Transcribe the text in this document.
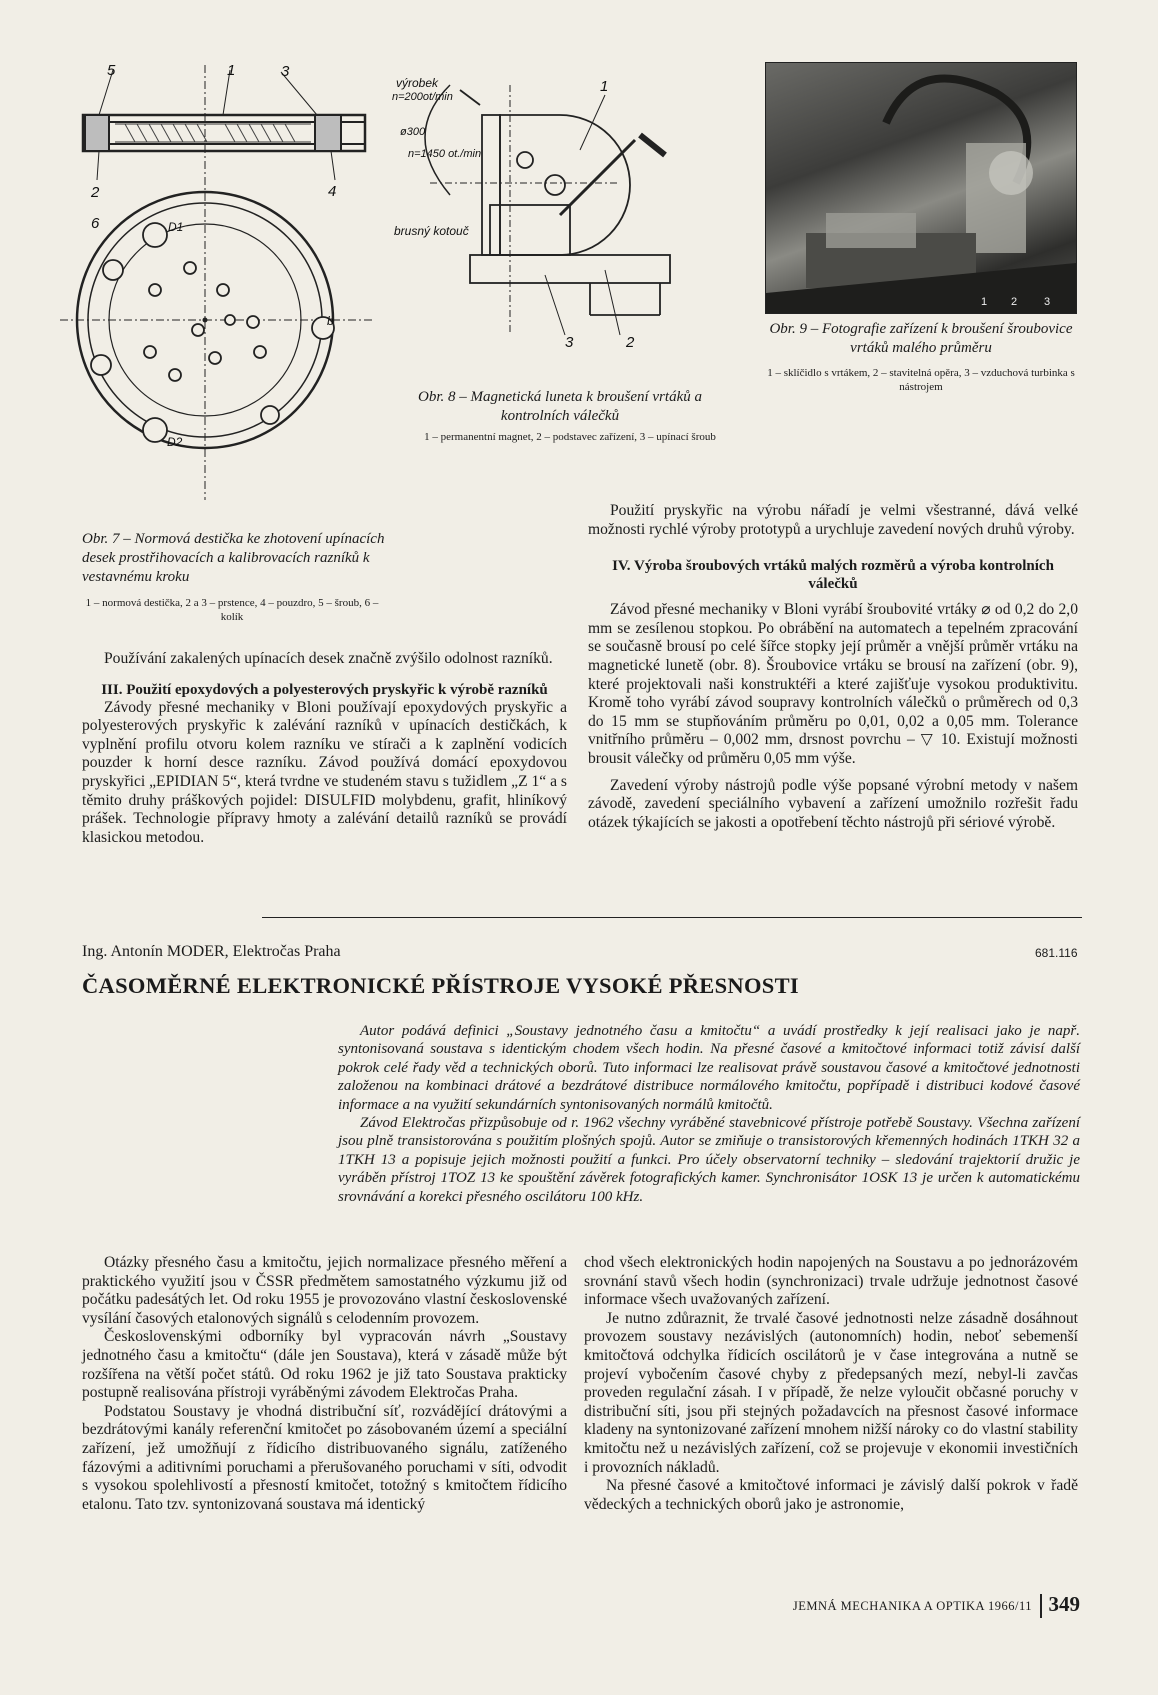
5	1	3
2	4
6	D1
D2
b
Obr. 7 – Normová destička ke zhotovení upínacích desek prostřihovacích a kalibrovacích razníků k vestavnému kroku
1 – normová destička, 2 a 3 – prstence, 4 – pouzdro, 5 – šroub, 6 – kolík
výrobek
n=200ot/min
ø300
n=1450 ot./min
brusný kotouč
1
2
3
Obr. 8 – Magnetická luneta k broušení vrtáků a kontrolních válečků
1 – permanentní magnet, 2 – podstavec zařízení, 3 – upínací šroub
1 2 3
Obr. 9 – Fotografie zařízení k broušení šroubovice vrtáků malého průměru
1 – sklíčidlo s vrtákem, 2 – stavitelná opěra, 3 – vzduchová turbinka s nástrojem

Používání zakalených upínacích desek značně zvýšilo odolnost razníků.

III. Použití epoxydových a polyesterových pryskyřic k výrobě razníků

Závody přesné mechaniky v Bloni používají epoxydových pryskyřic a polyesterových pryskyřic k zalévání razníků v upínacích destičkách, k vyplnění profilu otvoru kolem razníku ve stírači a k zaplnění vodicích pouzder k horní desce razníku. Závod používá domácí epoxydovou pryskyřici „EPIDIAN 5“, která tvrdne ve studeném stavu s tužidlem „Z 1“ a s těmito druhy práškových pojidel: DISULFID molybdenu, grafit, hliníkový prášek. Technologie přípravy hmoty a zalévání detailů razníků se provádí klasickou metodou.

Použití pryskyřic na výrobu nářadí je velmi všestranné, dává velké možnosti rychlé výroby prototypů a urychluje zavedení nových druhů výroby.

IV. Výroba šroubových vrtáků malých rozměrů a výroba kontrolních válečků

Závod přesné mechaniky v Bloni vyrábí šroubovité vrtáky ⌀ od 0,2 do 2,0 mm se zesílenou stopkou. Po obrábění na automatech a tepelném zpracování se současně brousí po celé šířce stopky její průměr a vnější průměr vrtáku na magnetické lunetě (obr. 8). Šroubovice vrtáku se brousí na zařízení (obr. 9), které projektovali naši konstruktéři a které zajišťuje vysokou produktivitu. Kromě toho vyrábí závod soupravy kontrolních válečků o průměrech od 0,3 do 15 mm se stupňováním průměru po 0,01, 0,02 a 0,05 mm. Tolerance vnitřního průměru – 0,002 mm, drsnost povrchu – ▽ 10. Existují možnosti brousit válečky od průměru 0,05 mm výše.

Zavedení výroby nástrojů podle výše popsané výrobní metody v našem závodě, zavedení speciálního vybavení a zařízení umožnilo rozřešit řadu otázek týkajících se jakosti a opotřebení těchto nástrojů při sériové výrobě.

Ing. Antonín MODER, Elektročas Praha	681.116
ČASOMĚRNÉ ELEKTRONICKÉ PŘÍSTROJE VYSOKÉ PŘESNOSTI

Autor podává definici „Soustavy jednotného času a kmitočtu“ a uvádí prostředky k její realisaci jako je např. syntonisovaná soustava s identickým chodem všech hodin. Na přesné časové a kmitočtové informaci totiž závisí další pokrok celé řady věd a technických oborů. Tuto informaci lze realisovat právě soustavou časové a kmitočtové jednotnosti založenou na kombinaci drátové a bezdrátové distribuce normálového kmitočtu, popřípadě i distribuci kodové časové informace a na využití sekundárních syntonisovaných normálů kmitočtů.

Závod Elektročas přizpůsobuje od r. 1962 všechny vyráběné stavebnicové přístroje potřebě Soustavy. Všechna zařízení jsou plně transistorována s použitím plošných spojů. Autor se zmiňuje o transistorových křemenných hodinách 1TKH 32 a 1TKH 13 a popisuje jejich možnosti použití a funkci. Pro účely observatorní techniky – sledování trajektorií družic je vyráběn přístroj 1TOZ 13 ke spouštění závěrek fotografických kamer. Synchronisátor 1OSK 13 je určen k automatickému srovnávání a korekci přesného oscilátoru 100 kHz.

Otázky přesného času a kmitočtu, jejich normalizace přesného měření a praktického využití jsou v ČSSR předmětem samostatného výzkumu již od počátku padesátých let. Od roku 1955 je provozováno vlastní československé vysílání časových etalonových signálů s celodenním provozem.

Československými odborníky byl vypracován návrh „Soustavy jednotného času a kmitočtu“ (dále jen Soustava), která v zásadě může být rozšířena na větší počet států. Od roku 1962 je již tato Soustava prakticky postupně realisována přístroji vyráběnými závodem Elektročas Praha.

Podstatou Soustavy je vhodná distribuční síť, rozvádějící drátovými a bezdrátovými kanály referenční kmitočet po zásobovaném území a speciální zařízení, jež umožňují z řídicího distribuovaného signálu, zatíženého fázovými a aditivními poruchami a přerušovaného poruchami v síti, odvodit s vysokou spolehlivostí a přesností kmitočet, totožný s kmitočtem řídicího etalonu. Tato tzv. syntonizovaná soustava má identický

chod všech elektronických hodin napojených na Soustavu a po jednorázovém srovnání stavů všech hodin (synchronizaci) trvale udržuje jednotnost časové informace všech uvažovaných zařízení.

Je nutno zdůraznit, že trvalé časové jednotnosti nelze zásadně dosáhnout provozem soustavy nezávislých (autonomních) hodin, neboť sebemenší kmitočtová odchylka řídicích oscilátorů je v čase integrována a nutně se projeví vybočením časové chyby z předepsaných mezí, nebyl-li zavčas proveden regulační zásah. I v případě, že nelze vyloučit občasné poruchy v distribuční síti, jsou při stejných požadavcích na přesnost časové informace kladeny na syntonizované zařízení mnohem nižší nároky co do vlastní stability kmitočtu než u nezávislých zařízení, což se projevuje v ekonomii investičních i provozních nákladů.

Na přesné časové a kmitočtové informaci je závislý další pokrok v řadě vědeckých a technických oborů jako je astronomie,

JEMNÁ MECHANIKA A OPTIKA 1966/11 349
